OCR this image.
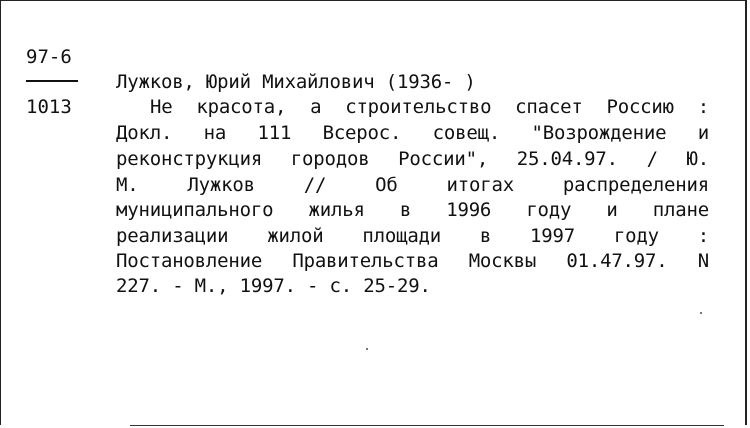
97-6
1013
Лужков, Юрий Михайлович (1936- )
Не красота, а строительство спасет Россию :
Докл. на 111 Всерос. совещ. "Возрождение и
реконструкция городов России", 25.04.97. / Ю.
М. Лужков // Об итогах распределения
муниципального жилья в 1996 году и плане
реализации жилой площади в 1997 году :
Постановление Правительства Москвы 01.47.97. N
227. - М., 1997. - с. 25-29.
